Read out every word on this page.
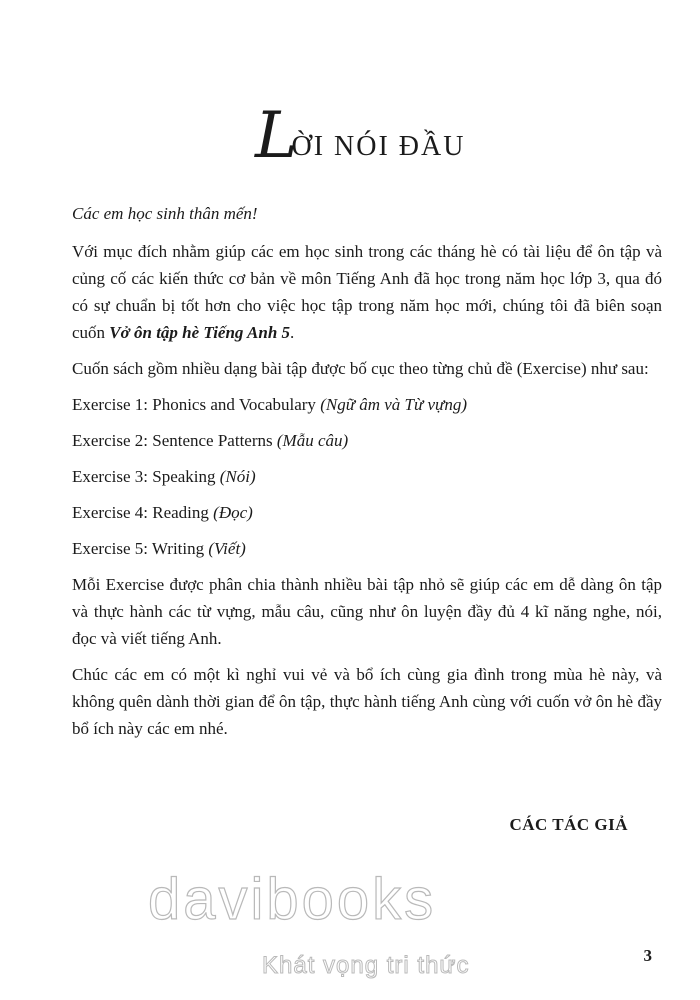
L
ỜI NÓI ĐẦU

Các em học sinh thân mến!

Với mục đích nhằm giúp các em học sinh trong các tháng hè có tài liệu để ôn tập và củng cố các kiến thức cơ bản về môn Tiếng Anh đã học trong năm học lớp 3, qua đó có sự chuẩn bị tốt hơn cho việc học tập trong năm học mới, chúng tôi đã biên soạn cuốn Vở ôn tập hè Tiếng Anh 5.

Cuốn sách gồm nhiều dạng bài tập được bố cục theo từng chủ đề (Exercise) như sau:

Exercise 1: Phonics and Vocabulary (Ngữ âm và Từ vựng)
Exercise 2: Sentence Patterns (Mẫu câu)
Exercise 3: Speaking (Nói)
Exercise 4: Reading (Đọc)
Exercise 5: Writing (Viết)

Mỗi Exercise được phân chia thành nhiều bài tập nhỏ sẽ giúp các em dễ dàng ôn tập và thực hành các từ vựng, mẫu câu, cũng như ôn luyện đầy đủ 4 kĩ năng nghe, nói, đọc và viết tiếng Anh.

Chúc các em có một kì nghỉ vui vẻ và bổ ích cùng gia đình trong mùa hè này, và không quên dành thời gian để ôn tập, thực hành tiếng Anh cùng với cuốn vở ôn hè đầy bổ ích này các em nhé.

CÁC TÁC GIẢ
davibooks
Khát vọng tri thức	3
